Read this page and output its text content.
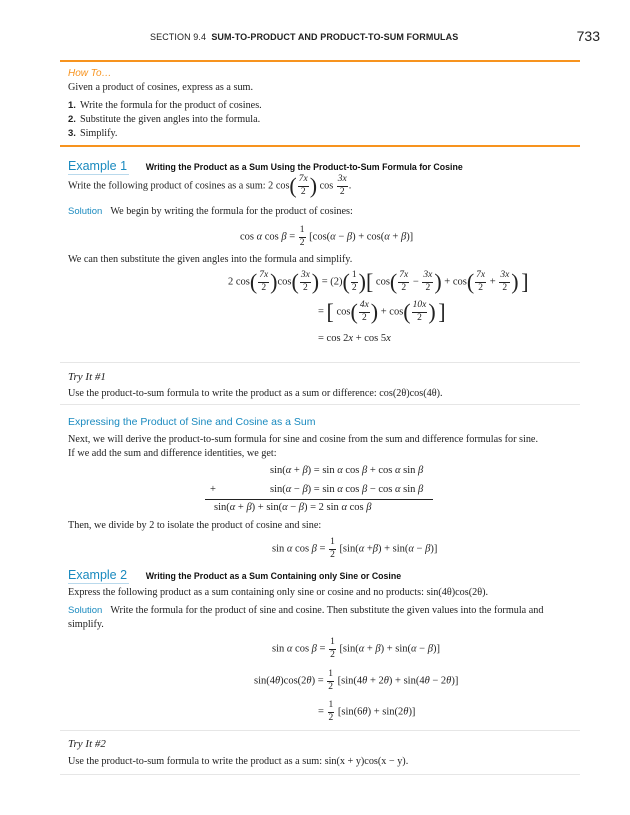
SECTION 9.4 SUM-TO-PRODUCT AND PRODUCT-TO-SUM FORMULAS	733
How To…
Given a product of cosines, express as a sum.
1. Write the formula for the product of cosines.
2. Substitute the given angles into the formula.
3. Simplify.
Example 1 Writing the Product as a Sum Using the Product-to-Sum Formula for Cosine
Write the following product of cosines as a sum: 2 $\cos( \frac{7x}{2}$ ) $\cos \frac{3x}{2}$ .
Solution We begin by writing the formula for the product of cosines:
cos α $\cos \beta = \frac{1}{2} [\cos(\alpha - \beta) + \cos(\alpha + \beta)]$
We can then substitute the given angles into the formula and simplify.
2 $\cos( \frac{7x}{2} )\cos( \frac{3x}{2}$ ) = $(2)( \frac{1}{2}$ )[ $\cos( \frac{7x}{2} - \frac{3x}{2}$ ) + $\cos( \frac{7x}{2} + \frac{3x}{2}$ ) ]
= [ $\cos( \frac{4x}{2}$ ) + $\cos( \frac{10x}{2}$ ) ]
= cos 2x + cos 5x
Try It #1
Use the product-to-sum formula to write the product as a sum or difference: cos(2θ)cos(4θ).
Expressing the Product of Sine and Cosine as a Sum
Next, we will derive the product-to-sum formula for sine and cosine from the sum and difference formulas for sine.
If we add the sum and difference identities, we get:
sin(α + β) = sin α cos β + cos α sin β
+	sin(α − β) = sin α cos β − cos α sin β
sin(α + β) + sin(α − β) = 2 sin α cos β
Then, we divide by 2 to isolate the product of cosine and sine:
sin α $\cos \beta = \frac{1}{2} [\sin(\alpha +\beta) + \sin(\alpha - \beta)]$
Example 2 Writing the Product as a Sum Containing only Sine or Cosine
Express the following product as a sum containing only sine or cosine and no products: sin(4θ)cos(2θ).
Solution Write the formula for the product of sine and cosine. Then substitute the given values into the formula and
simplify.
sin α $\cos \beta = \frac{1}{2} [\sin(\alpha + \beta) + \sin(\alpha - \beta)]$
$\sin(4\theta)\cos(2\theta) = \frac{1}{2} [\sin(4\theta + 2\theta) + \sin(4\theta - 2\theta)]$
= $\frac{1}{2} [\sin(6\theta) + \sin(2\theta)]$
Try It #2
Use the product-to-sum formula to write the product as a sum: sin(x + y)cos(x − y).
